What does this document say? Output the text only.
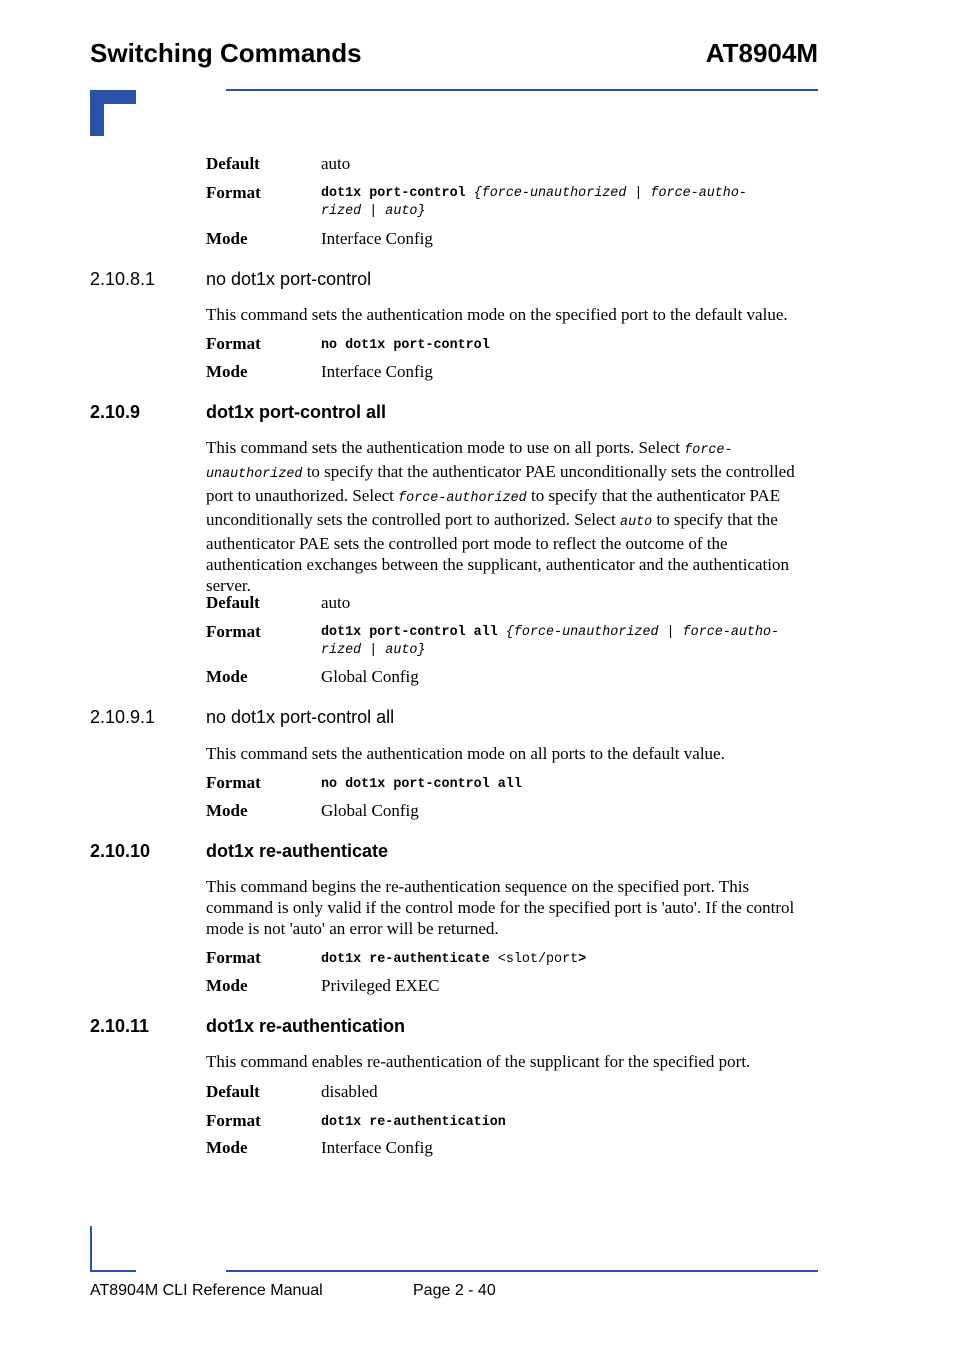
Switching Commands	AT8904M
Default	auto
Format	dot1x port-control {force-unauthorized | force-autho-
rized | auto}
Mode	Interface Config
2.10.8.1	no dot1x port-control
This command sets the authentication mode on the specified port to the default value.
Format	no dot1x port-control
Mode	Interface Config
2.10.9	dot1x port-control all
This command sets the authentication mode to use on all ports. Select force-
unauthorized to specify that the authenticator PAE unconditionally sets the controlled port to unauthorized. Select force-authorized to specify that the authenticator PAE unconditionally sets the controlled port to authorized. Select auto to specify that the authenticator PAE sets the controlled port mode to reflect the outcome of the authentication exchanges between the supplicant, authenticator and the authentication server.
Default	auto
Format	dot1x port-control all {force-unauthorized | force-autho-
rized | auto}
Mode	Global Config
2.10.9.1	no dot1x port-control all
This command sets the authentication mode on all ports to the default value.
Format	no dot1x port-control all
Mode	Global Config
2.10.10	dot1x re-authenticate
This command begins the re-authentication sequence on the specified port. This command is only valid if the control mode for the specified port is 'auto'. If the control mode is not 'auto' an error will be returned.
Format	dot1x re-authenticate <slot/port>
Mode	Privileged EXEC
2.10.11	dot1x re-authentication
This command enables re-authentication of the supplicant for the specified port.
Default	disabled
Format	dot1x re-authentication
Mode	Interface Config
AT8904M CLI Reference Manual	Page 2 - 40
